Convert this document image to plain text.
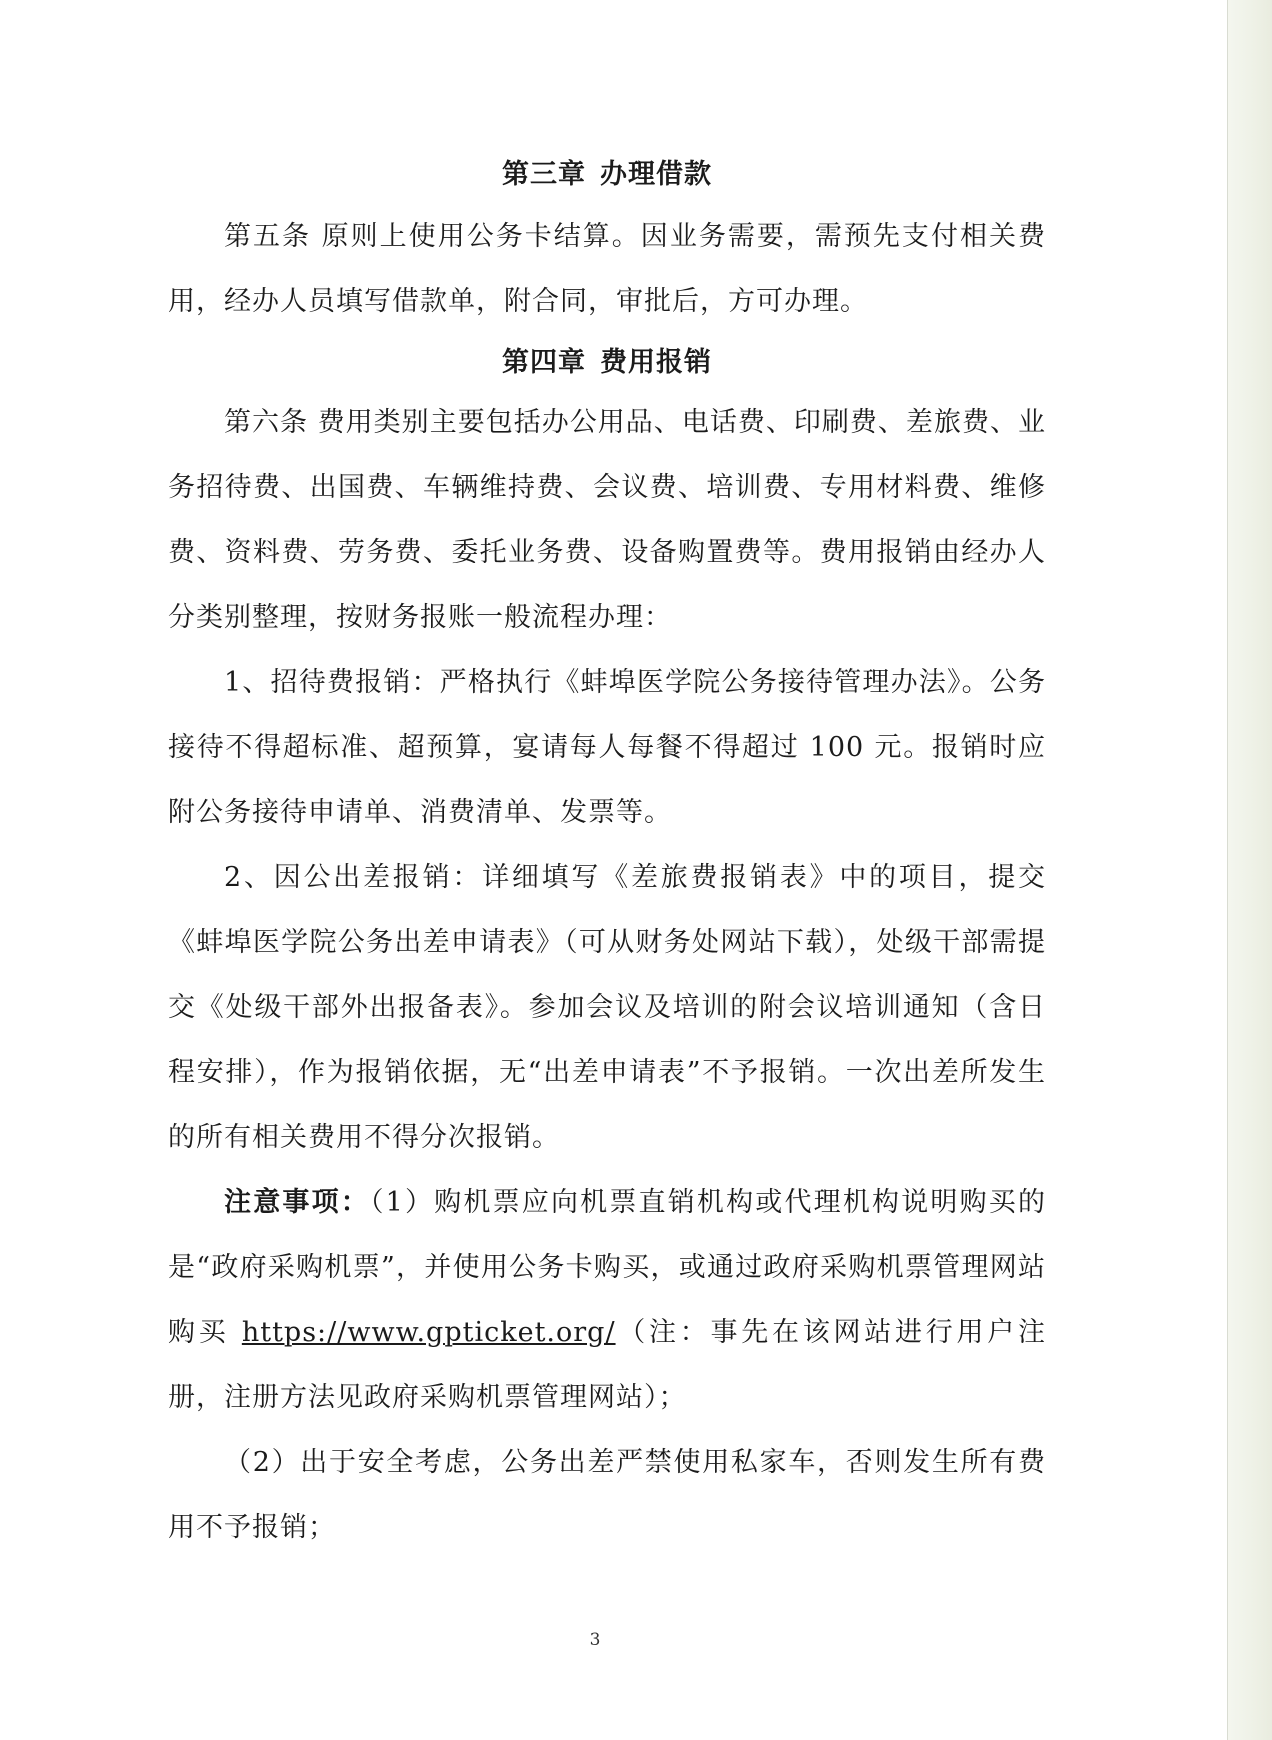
第三章 办理借款

第五条 原则上使用公务卡结算。因业务需要，需预先支付相关费用，经办人员填写借款单，附合同，审批后，方可办理。

第四章 费用报销

第六条 费用类别主要包括办公用品、电话费、印刷费、差旅费、业务招待费、出国费、车辆维持费、会议费、培训费、专用材料费、维修费、资料费、劳务费、委托业务费、设备购置费等。费用报销由经办人分类别整理，按财务报账一般流程办理：

1、招待费报销：严格执行《蚌埠医学院公务接待管理办法》。公务接待不得超标准、超预算，宴请每人每餐不得超过 100 元。报销时应附公务接待申请单、消费清单、发票等。

2、因公出差报销：详细填写《差旅费报销表》中的项目，提交《蚌埠医学院公务出差申请表》（可从财务处网站下载），处级干部需提交《处级干部外出报备表》。参加会议及培训的附会议培训通知（含日程安排），作为报销依据，无“出差申请表”不予报销。一次出差所发生的所有相关费用不得分次报销。

注意事项：（1）购机票应向机票直销机构或代理机构说明购买的是“政府采购机票”，并使用公务卡购买，或通过政府采购机票管理网站购买 https://www.gpticket.org/（注：事先在该网站进行用户注册，注册方法见政府采购机票管理网站）；

（2）出于安全考虑，公务出差严禁使用私家车，否则发生所有费用不予报销；

3
